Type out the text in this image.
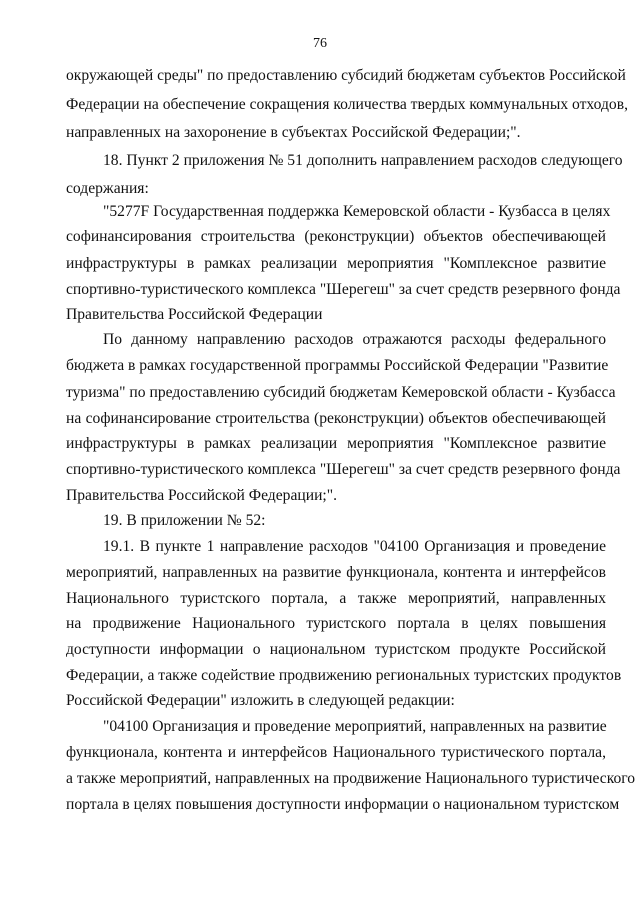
76
окружающей среды" по предоставлению субсидий бюджетам субъектов Российской
Федерации на обеспечение сокращения количества твердых коммунальных отходов,
направленных на захоронение в субъектах Российской Федерации;".
18. Пункт 2 приложения № 51 дополнить направлением расходов следующего
содержания:
"5277F Государственная поддержка Кемеровской области - Кузбасса в целях
софинансирования строительства (реконструкции) объектов обеспечивающей
инфраструктуры в рамках реализации мероприятия "Комплексное развитие
спортивно-туристического комплекса "Шерегеш" за счет средств резервного фонда
Правительства Российской Федерации
По данному направлению расходов отражаются расходы федерального
бюджета в рамках государственной программы Российской Федерации "Развитие
туризма" по предоставлению субсидий бюджетам Кемеровской области - Кузбасса
на софинансирование строительства (реконструкции) объектов обеспечивающей
инфраструктуры в рамках реализации мероприятия "Комплексное развитие
спортивно-туристического комплекса "Шерегеш" за счет средств резервного фонда
Правительства Российской Федерации;".
19. В приложении № 52:
19.1. В пункте 1 направление расходов "04100 Организация и проведение
мероприятий, направленных на развитие функционала, контента и интерфейсов
Национального туристского портала, а также мероприятий, направленных
на продвижение Национального туристского портала в целях повышения
доступности информации о национальном туристском продукте Российской
Федерации, а также содействие продвижению региональных туристских продуктов
Российской Федерации" изложить в следующей редакции:
"04100 Организация и проведение мероприятий, направленных на развитие
функционала, контента и интерфейсов Национального туристического портала,
а также мероприятий, направленных на продвижение Национального туристического
портала в целях повышения доступности информации о национальном туристском
